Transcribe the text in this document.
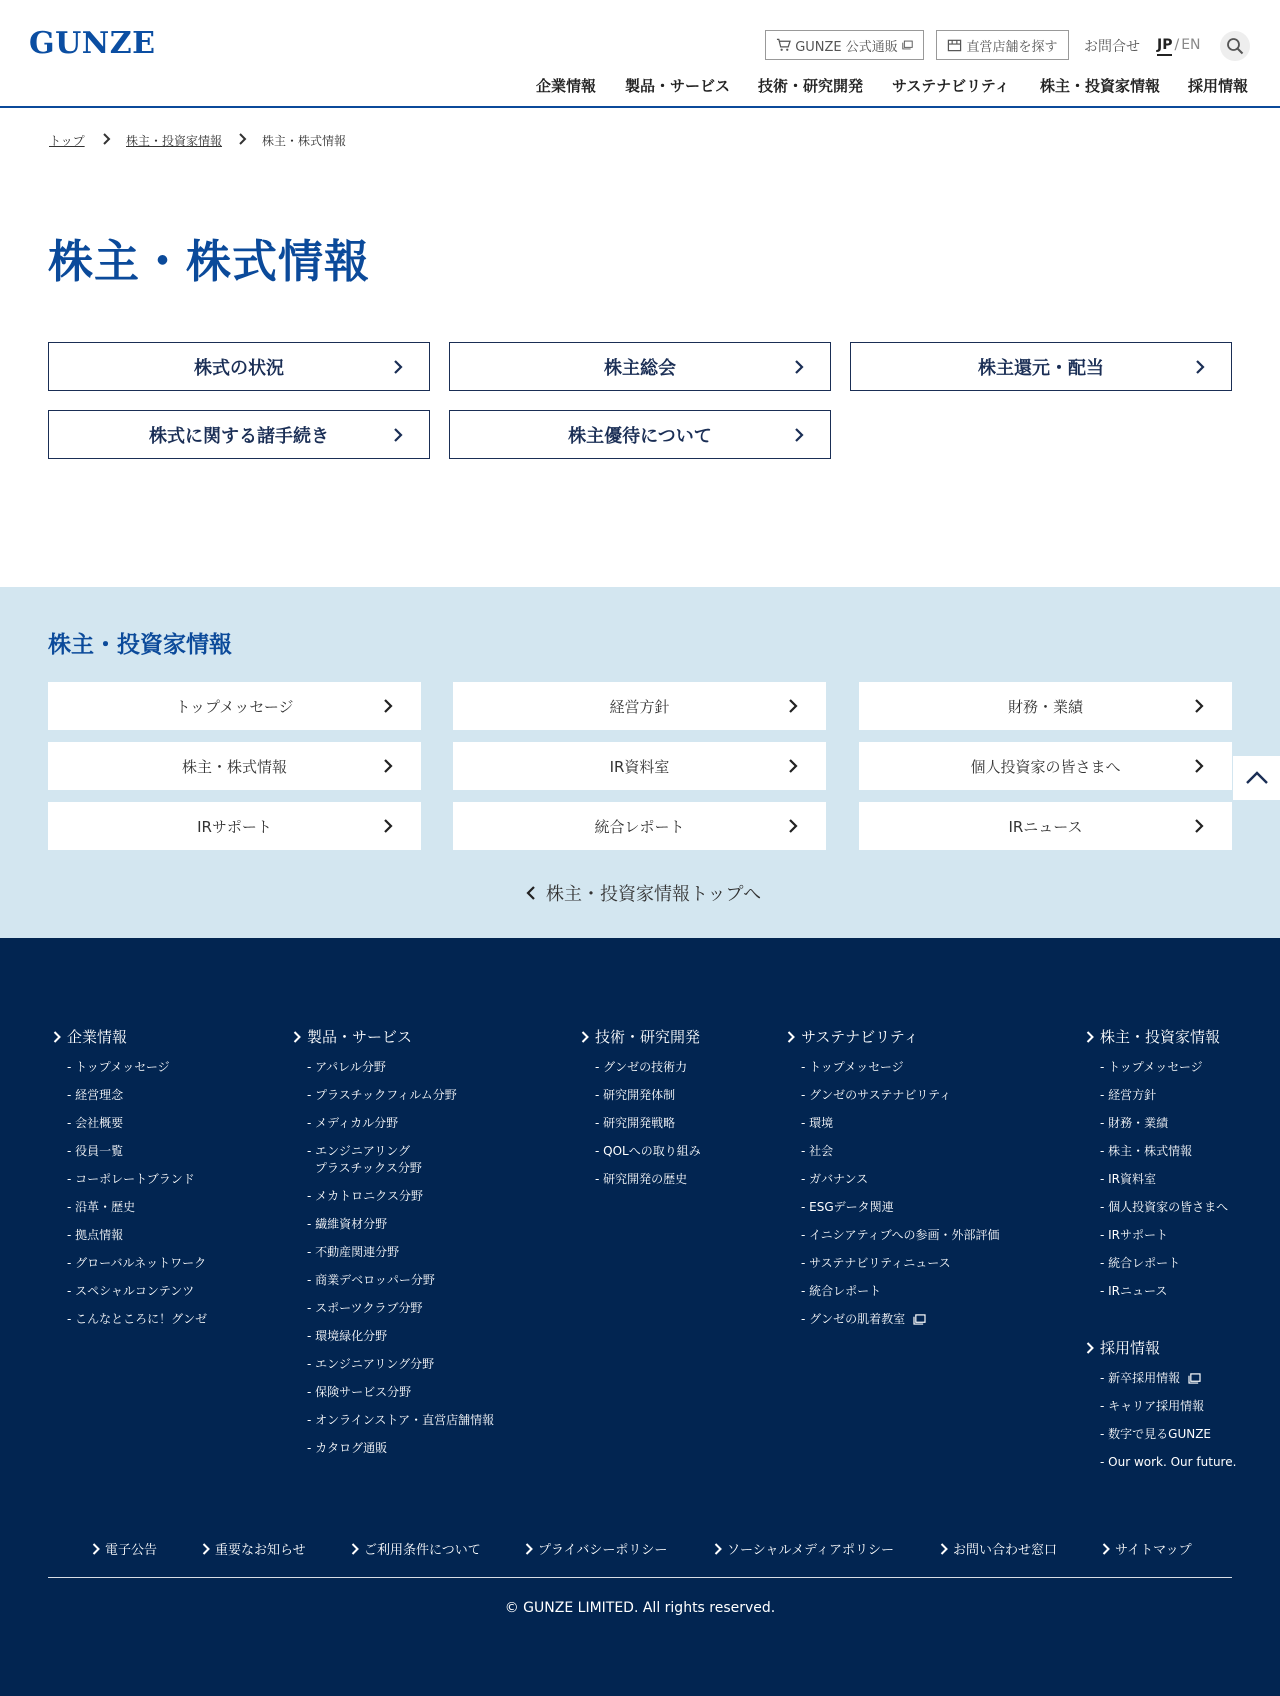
GUNZE	GUNZE 公式通販	直営店舗を探す お問合せ JP / EN
企業情報 製品・サービス 技術・研究開発 サステナビリティ 株主・投資家情報 採用情報
トップ	株主・投資家情報	株主・株式情報
株主・株式情報
株式の状況	株主総会	株主還元・配当
株式に関する諸手続き	株主優待について
株主・投資家情報
トップメッセージ	経営方針	財務・業績
株主・株式情報	IR資料室	個人投資家の皆さまへ
IRサポート	統合レポート	IRニュース
株主・投資家情報トップへ
企業情報
- トップメッセージ
- 経営理念
- 会社概要
- 役員一覧
- コーポレートブランド
- 沿革・歴史
- 拠点情報
- グローバルネットワーク
- スペシャルコンテンツ
- こんなところに！グンゼ
製品・サービス
- アパレル分野
- プラスチックフィルム分野
- メディカル分野
- エンジニアリング
プラスチックス分野
- メカトロニクス分野
- 繊維資材分野
- 不動産関連分野
- 商業デベロッパー分野
- スポーツクラブ分野
- 環境緑化分野
- エンジニアリング分野
- 保険サービス分野
- オンラインストア・直営店舗情報
- カタログ通販
技術・研究開発
- グンゼの技術力
- 研究開発体制
- 研究開発戦略
- QOLへの取り組み
- 研究開発の歴史
サステナビリティ
- トップメッセージ
- グンゼのサステナビリティ
- 環境
- 社会
- ガバナンス
- ESGデータ関連
- イニシアティブへの参画・外部評価
- サステナビリティニュース
- 統合レポート
- グンゼの肌着教室
株主・投資家情報
- トップメッセージ
- 経営方針
- 財務・業績
- 株主・株式情報
- IR資料室
- 個人投資家の皆さまへ
- IRサポート
- 統合レポート
- IRニュース
採用情報
- 新卒採用情報
- キャリア採用情報
- 数字で見るGUNZE
- Our work. Our future.
電子公告	重要なお知らせ	ご利用条件について	プライバシーポリシー	ソーシャルメディアポリシー	お問い合わせ窓口	サイトマップ
© GUNZE LIMITED. All rights reserved.
